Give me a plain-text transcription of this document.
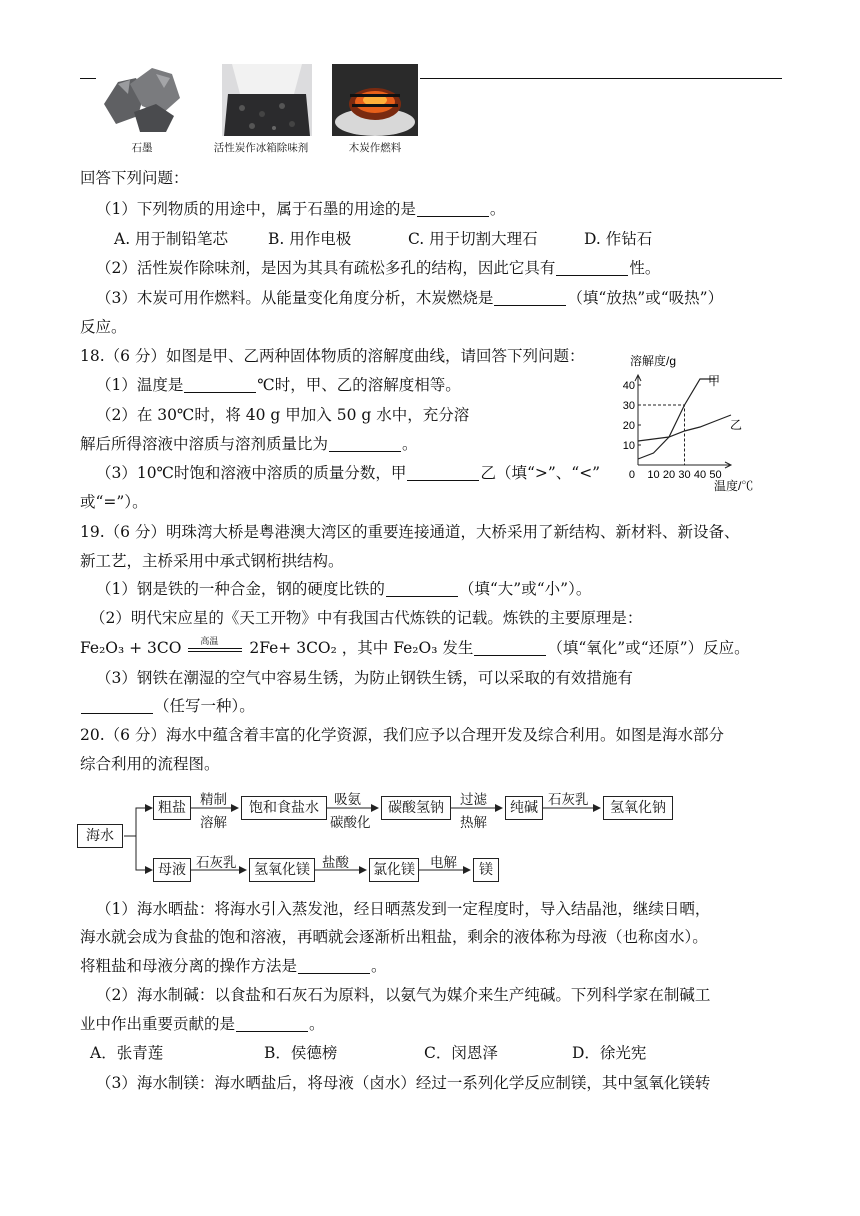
石墨	活性炭作冰箱除味剂	木炭作燃料
回答下列问题：
（1）下列物质的用途中，属于石墨的用途的是	。
A. 用于制铅笔芯	B. 用作电极	C. 用于切割大理石	D. 作钻石
（2）活性炭作除味剂，是因为其具有疏松多孔的结构，因此它具有	性。
（3）木炭可用作燃料。从能量变化角度分析，木炭燃烧是	（填“放热”或“吸热”）
反应。
18.（6 分）如图是甲、乙两种固体物质的溶解度曲线，请回答下列问题：
（1）温度是	℃时，甲、乙的溶解度相等。
（2）在 30℃时，将 40 g 甲加入 50 g 水中，充分溶
解后所得溶液中溶质与溶剂质量比为	。
（3）10℃时饱和溶液中溶质的质量分数，甲	乙（填“>”、“<”
或“=”）。
溶解度/g
温度/℃
10
20
30
40
0 10 20 30 40 50
甲
乙
19.（6 分）明珠湾大桥是粤港澳大湾区的重要连接通道，大桥采用了新结构、新材料、新设备、
新工艺，主桥采用中承式钢桁拱结构。
（1）钢是铁的一种合金，钢的硬度比铁的	（填“大”或“小”）。
（2）明代宋应星的《天工开物》中有我国古代炼铁的记载。炼铁的主要原理是：
Fe₂O₃ + 3CO 高温 2Fe+ 3CO₂ ，其中 Fe₂O₃ 发生	（填“氧化”或“还原”）反应。
（3）钢铁在潮湿的空气中容易生锈，为防止钢铁生锈，可以采取的有效措施有
（任写一种）。
20.（6 分）海水中蕴含着丰富的化学资源，我们应予以合理开发及综合利用。如图是海水部分
综合利用的流程图。
海水
粗盐	饱和食盐水	碳酸氢钠	纯碱	氢氧化钠
母液	氢氧化镁	氯化镁	镁
精制
溶解
吸氨
碳酸化
过滤
热解
石灰乳
石灰乳	盐酸	电解
（1）海水晒盐：将海水引入蒸发池，经日晒蒸发到一定程度时，导入结晶池，继续日晒，
海水就会成为食盐的饱和溶液，再晒就会逐渐析出粗盐，剩余的液体称为母液（也称卤水）。
将粗盐和母液分离的操作方法是	。
（2）海水制碱：以食盐和石灰石为原料，以氨气为媒介来生产纯碱。下列科学家在制碱工
业中作出重要贡献的是	。
A．张青莲	B．侯德榜	C．闵恩泽	D．徐光宪
（3）海水制镁：海水晒盐后，将母液（卤水）经过一系列化学反应制镁，其中氢氧化镁转
